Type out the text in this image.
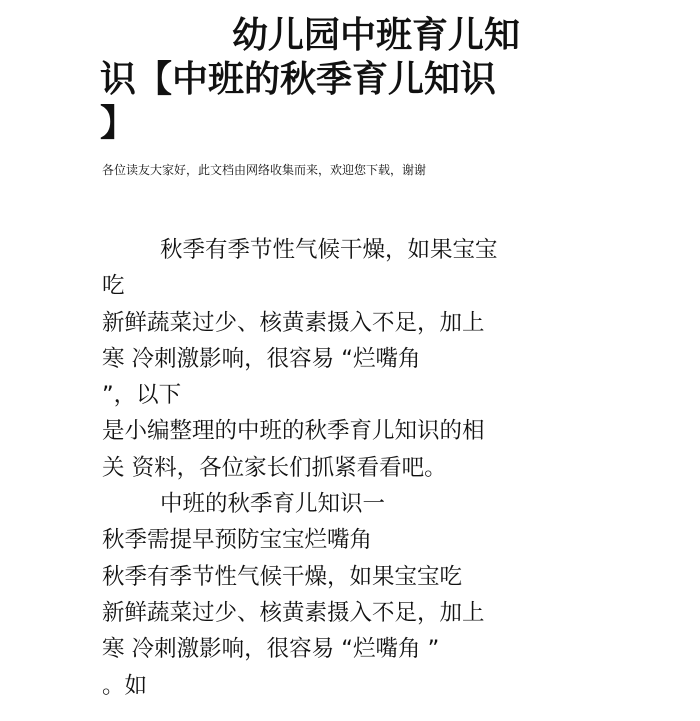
幼儿园中班育儿知
识【中班的秋季育儿知识
】
各位读友大家好，此文档由网络收集而来，欢迎您下载，谢谢
秋季有季节性气候干燥，如果宝宝
吃
新鲜蔬菜过少、核黄素摄入不足，加上
寒 冷刺激影响，很容易 “烂嘴角
”，以下
是小编整理的中班的秋季育儿知识的相
关 资料，各位家长们抓紧看看吧。
中班的秋季育儿知识一
秋季需提早预防宝宝烂嘴角
秋季有季节性气候干燥，如果宝宝吃
新鲜蔬菜过少、核黄素摄入不足，加上
寒 冷刺激影响，很容易 “烂嘴角 ”
。如
